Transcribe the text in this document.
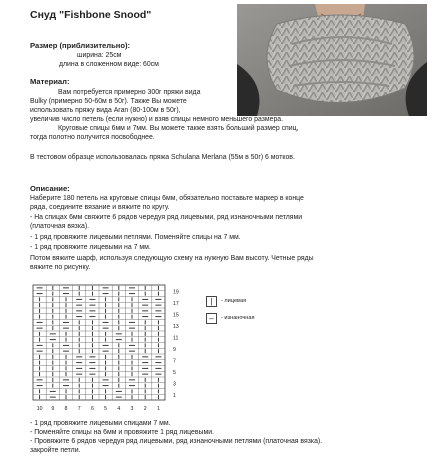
Снуд "Fishbone Snood"
Размер (приблизительно):
ширина: 25см
длина в сложенном виде: 60см
Материал:
Вам потребуется примерно 300г пряжи вида
Bulky (примерно 50-60м в 50г). Также Вы можете
использовать пряжу вида Aran (80-100м в 50г),
увеличив число петель (если нужно) и взяв спицы немного меньшего размера.
Круговые спицы 6мм и 7мм. Вы можете также взять больший размер спиц,
тогда полотно получится посвободнее.
В тестовом образце использовалась пряжа Schulana Merlana (55м в 50г) 6 мотков.
Описание:
Наберите 180 петель на круговые спицы 6мм, обязательно поставьте маркер в конце
ряда, соедините вязание и вяжите по кругу.
- На спицах 6мм свяжите 6 рядов чередуя ряд лицевыми, ряд изнаночными петлями
(платочная вязка).
- 1 ряд провяжите лицевыми петлями. Поменяйте спицы на 7 мм.
- 1 ряд провяжите лицевыми на 7 мм.
Потом вяжите шарф, используя следующую схему на нужную Вам высоту. Четные ряды
вяжите по рисунку.
19
17
15
13
11
9
7
5
3
1
10 9 8 7 6 5 4 3 2 1
|	- лицевая
–	- изнаночная
- 1 ряд провяжите лицевыми спицами 7 мм.
- Поменяйте спицы на 6мм и провяжите 1 ряд лицевыми.
- Провяжите 6 рядов чередуя ряд лицевыми, ряд изнаночными петлями (платочная вязка).
закройте петли.
